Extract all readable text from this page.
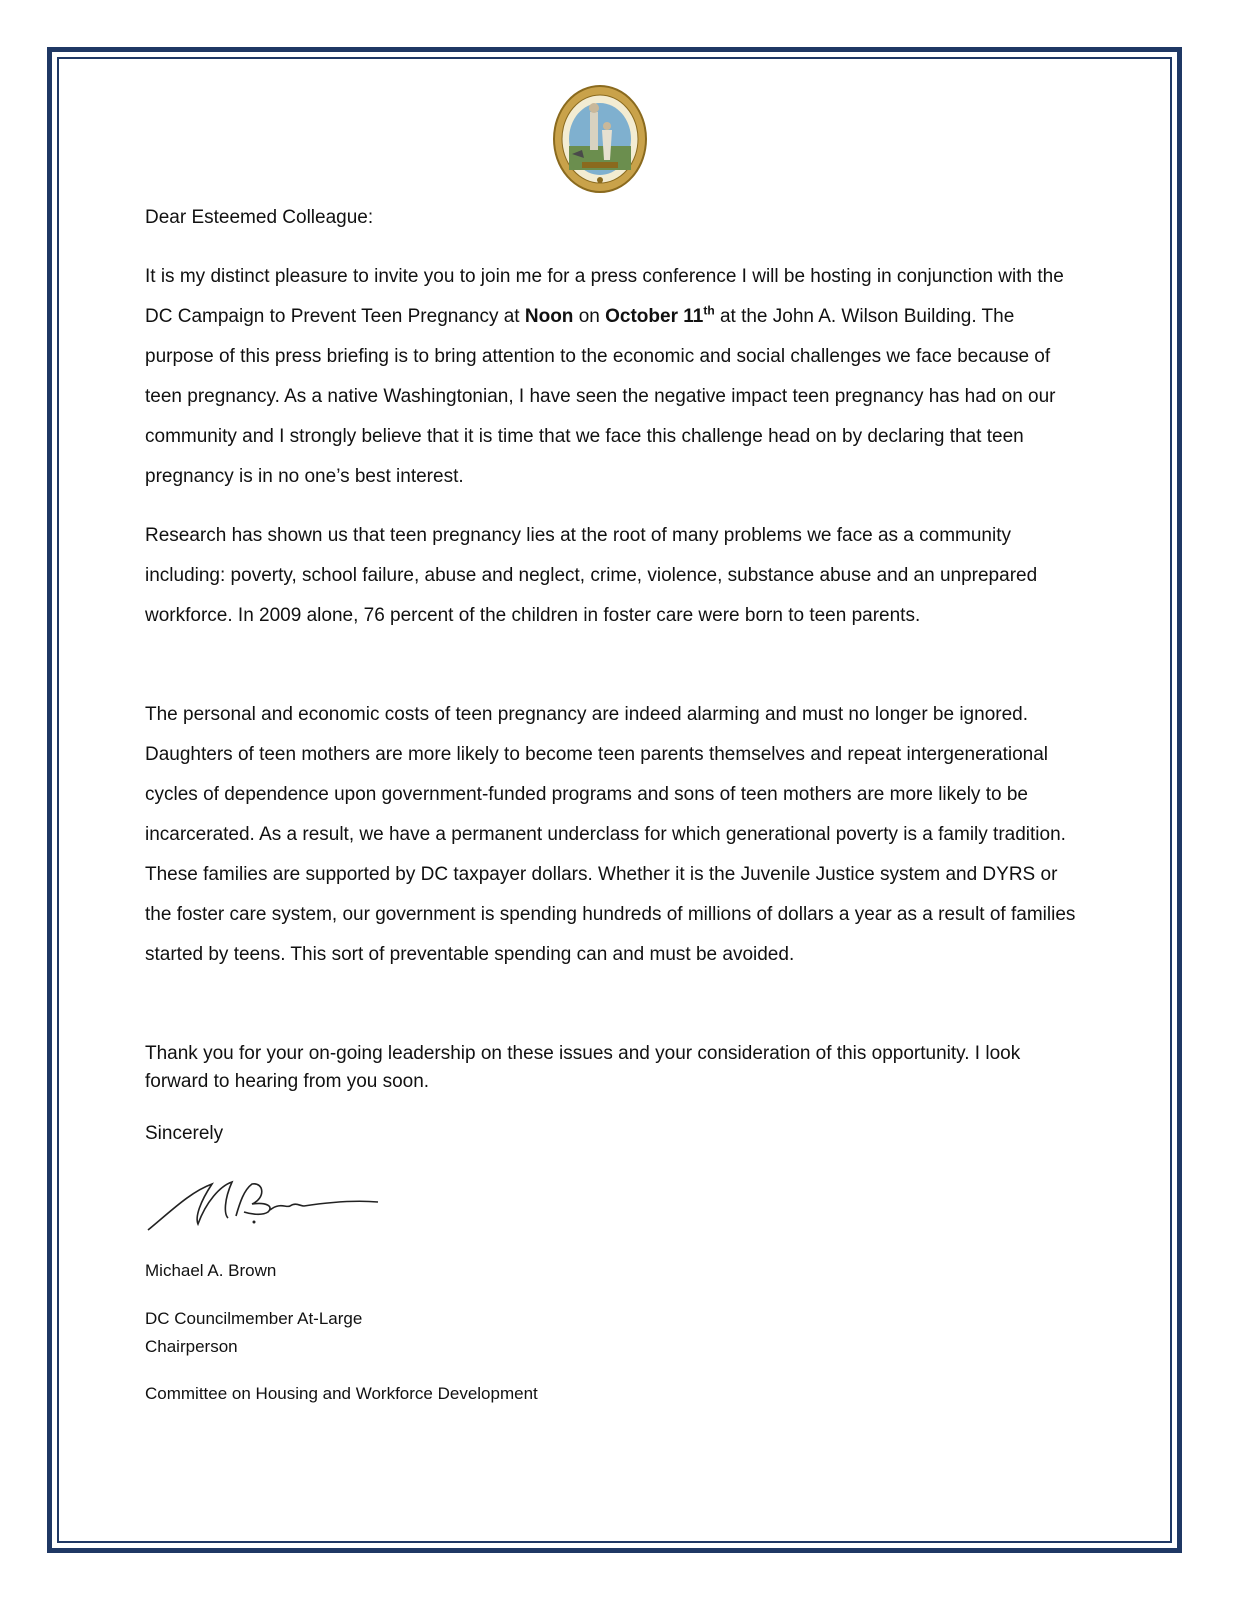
Dear Esteemed Colleague:
It is my distinct pleasure to invite you to join me for a press conference I will be hosting in conjunction with the DC Campaign to Prevent Teen Pregnancy at Noon on October 11th at the John A. Wilson Building. The purpose of this press briefing is to bring attention to the economic and social challenges we face because of teen pregnancy. As a native Washingtonian, I have seen the negative impact teen pregnancy has had on our community and I strongly believe that it is time that we face this challenge head on by declaring that teen pregnancy is in no one’s best interest.
Research has shown us that teen pregnancy lies at the root of many problems we face as a community including: poverty, school failure, abuse and neglect, crime, violence, substance abuse and an unprepared workforce. In 2009 alone, 76 percent of the children in foster care were born to teen parents.
The personal and economic costs of teen pregnancy are indeed alarming and must no longer be ignored. Daughters of teen mothers are more likely to become teen parents themselves and repeat intergenerational cycles of dependence upon government-funded programs and sons of teen mothers are more likely to be incarcerated. As a result, we have a permanent underclass for which generational poverty is a family tradition. These families are supported by DC taxpayer dollars. Whether it is the Juvenile Justice system and DYRS or the foster care system, our government is spending hundreds of millions of dollars a year as a result of families started by teens. This sort of preventable spending can and must be avoided.
Thank you for your on-going leadership on these issues and your consideration of this opportunity. I look forward to hearing from you soon.
Sincerely
Michael A. Brown
DC Councilmember At-Large
Chairperson
Committee on Housing and Workforce Development
